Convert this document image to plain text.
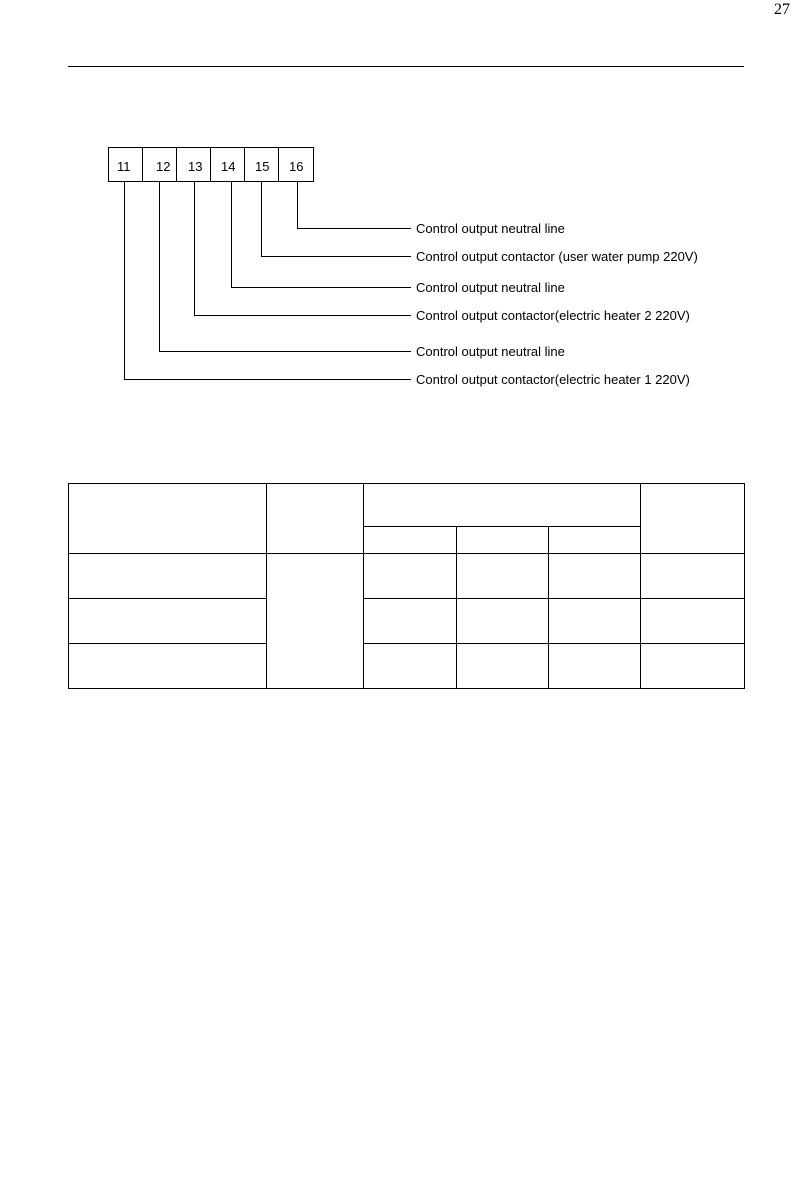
27
11 12 13 14 15 16
Control output neutral line
Control output contactor (user water pump 220V)
Control output neutral line
Control output contactor(electric heater 2 220V)
Control output neutral line
Control output contactor(electric heater 1 220V)
